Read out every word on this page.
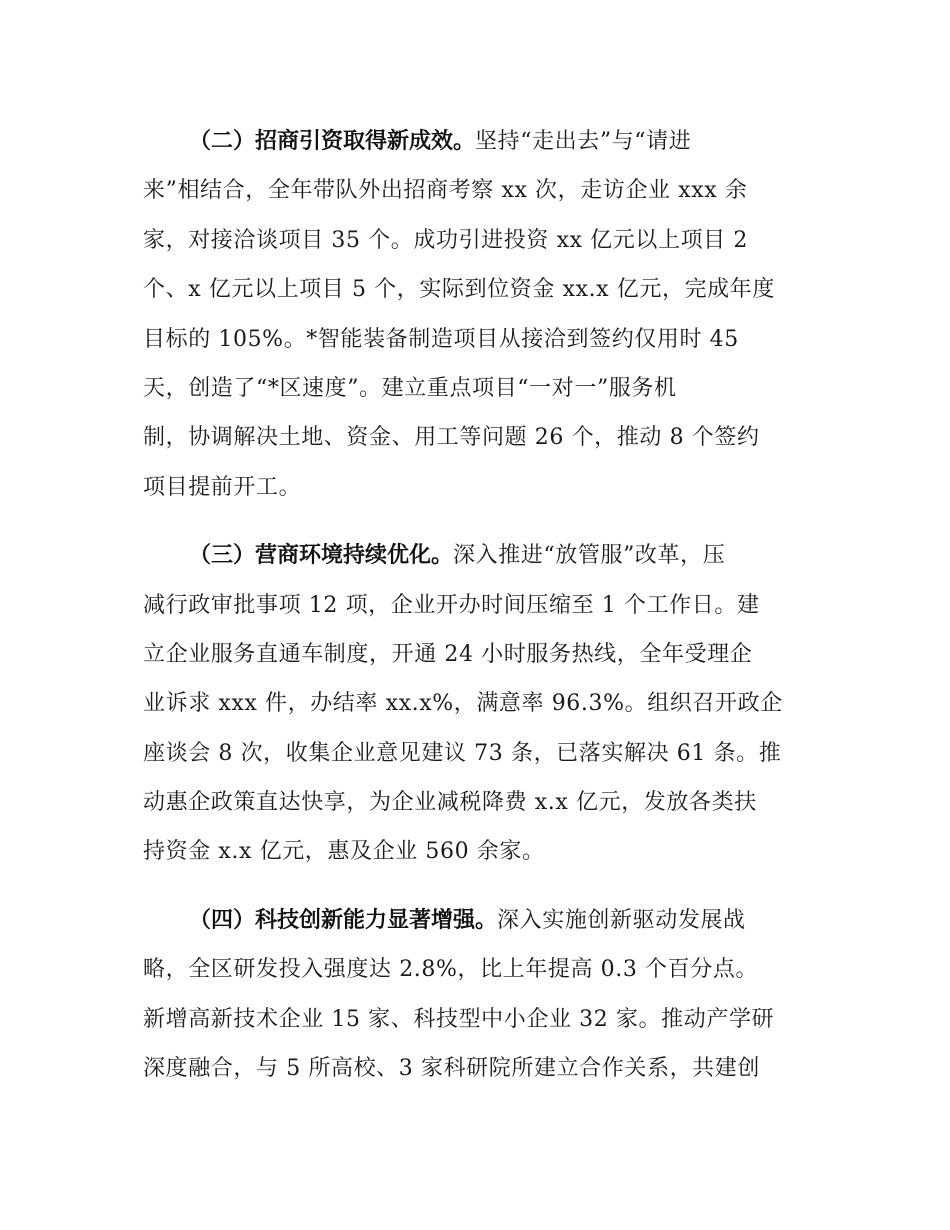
（二）招商引资取得新成效。坚持“走出去”与“请进
来”相结合，全年带队外出招商考察 xx 次，走访企业 xxx 余
家，对接洽谈项目 35 个。成功引进投资 xx 亿元以上项目 2
个、x 亿元以上项目 5 个，实际到位资金 xx.x 亿元，完成年度
目标的 105%。*智能装备制造项目从接洽到签约仅用时 45
天，创造了“*区速度”。建立重点项目“一对一”服务机
制，协调解决土地、资金、用工等问题 26 个，推动 8 个签约
项目提前开工。
（三）营商环境持续优化。深入推进“放管服”改革，压
减行政审批事项 12 项，企业开办时间压缩至 1 个工作日。建
立企业服务直通车制度，开通 24 小时服务热线，全年受理企
业诉求 xxx 件，办结率 xx.x%，满意率 96.3%。组织召开政企
座谈会 8 次，收集企业意见建议 73 条，已落实解决 61 条。推
动惠企政策直达快享，为企业减税降费 x.x 亿元，发放各类扶
持资金 x.x 亿元，惠及企业 560 余家。
（四）科技创新能力显著增强。深入实施创新驱动发展战
略，全区研发投入强度达 2.8%，比上年提高 0.3 个百分点。
新增高新技术企业 15 家、科技型中小企业 32 家。推动产学研
深度融合，与 5 所高校、3 家科研院所建立合作关系，共建创
